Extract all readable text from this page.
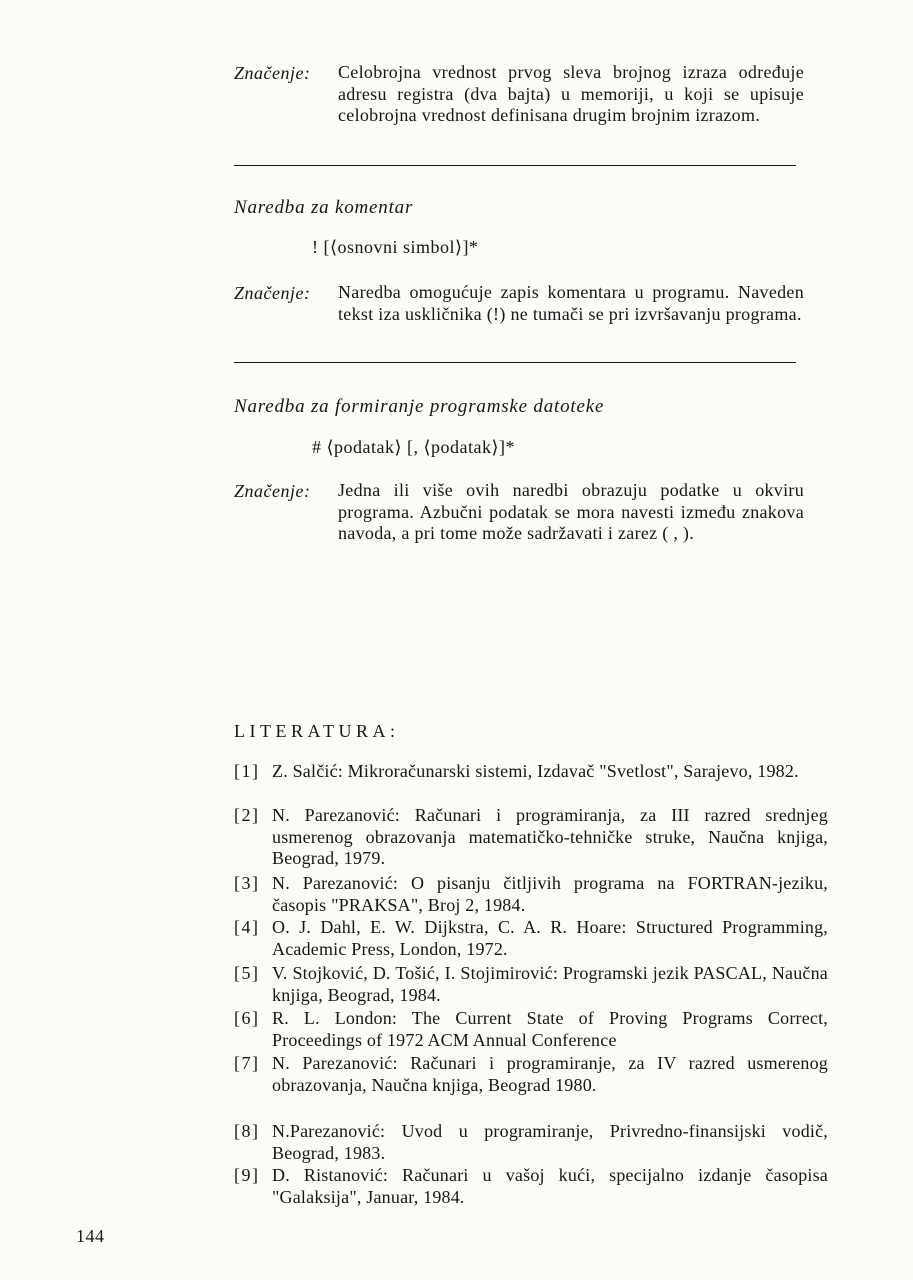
Značenje: Celobrojna vrednost prvog sleva brojnog izraza određuje adresu registra (dva bajta) u memoriji, u koji se upisuje celobrojna vrednost definisana drugim brojnim izrazom.
Naredba za komentar
! [⟨osnovni simbol⟩]*
Značenje: Naredba omogućuje zapis komentara u programu. Naveden tekst iza uskličnika (!) ne tumači se pri izvršavanju programa.
Naredba za formiranje programske datoteke
# ⟨podatak⟩ [, ⟨podatak⟩]*
Značenje: Jedna ili više ovih naredbi obrazuju podatke u okviru programa. Azbučni podatak se mora navesti između znakova navoda, a pri tome može sadržavati i zarez ( , ).
LITERATURA:
[1] Z. Salčić: Mikroračunarski sistemi, Izdavač "Svetlost", Sarajevo, 1982.
[2] N. Parezanović: Računari i programiranja, za III razred srednjeg usmerenog obrazovanja matematičko-tehničke struke, Naučna knjiga, Beograd, 1979.
[3] N. Parezanović: O pisanju čitljivih programa na FORTRAN-jeziku, časopis "PRAKSA", Broj 2, 1984.
[4] O. J. Dahl, E. W. Dijkstra, C. A. R. Hoare: Structured Programming, Academic Press, London, 1972.
[5] V. Stojković, D. Tošić, I. Stojimirović: Programski jezik PASCAL, Naučna knjiga, Beograd, 1984.
[6] R. L. London: The Current State of Proving Programs Correct, Proceedings of 1972 ACM Annual Conference
[7] N. Parezanović: Računari i programiranje, za IV razred usmerenog obrazovanja, Naučna knjiga, Beograd 1980.
[8] N.Parezanović: Uvod u programiranje, Privredno-finansijski vodič, Beograd, 1983.
[9] D. Ristanović: Računari u vašoj kući, specijalno izdanje časopisa "Galaksija", Januar, 1984.
144
